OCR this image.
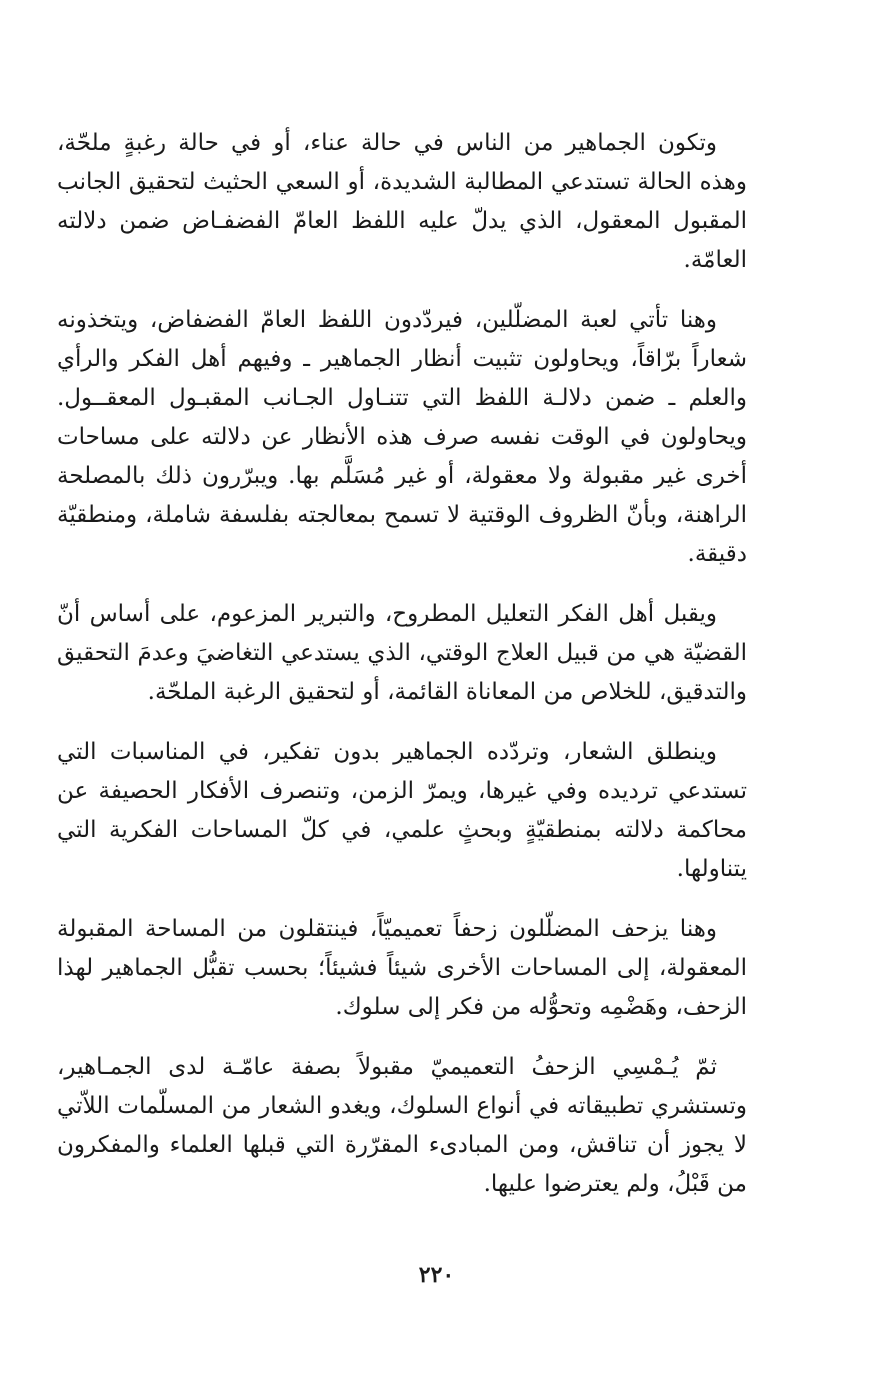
وتكون الجماهير من الناس في حالة عناء، أو في حالة رغبةٍ ملحّة، وهذه الحالة تستدعي المطالبة الشديدة، أو السعي الحثيث لتحقيق الجانب المقبول المعقول، الذي يدلّ عليه اللفظ العامّ الفضفـاض ضمن دلالته العامّة.

وهنا تأتي لعبة المضلّلين، فيردّدون اللفظ العامّ الفضفاض، ويتخذونه شعاراً برّاقاً، ويحاولون تثبيت أنظار الجماهير ـ وفيهم أهل الفكر والرأي والعلم ـ ضمن دلالـة اللفظ التي تتنـاول الجـانب المقبـول المعقــول. ويحاولون في الوقت نفسه صرف هذه الأنظار عن دلالته على مساحات أخرى غير مقبولة ولا معقولة، أو غير مُسَلَّم بها. ويبرّرون ذلك بالمصلحة الراهنة، وبأنّ الظروف الوقتية لا تسمح بمعالجته بفلسفة شاملة، ومنطقيّة دقيقة.

ويقبل أهل الفكر التعليل المطروح، والتبرير المزعوم، على أساس أنّ القضيّة هي من قبيل العلاج الوقتي، الذي يستدعي التغاضيَ وعدمَ التحقيق والتدقيق، للخلاص من المعاناة القائمة، أو لتحقيق الرغبة الملحّة.

وينطلق الشعار، وتردّده الجماهير بدون تفكير، في المناسبات التي تستدعي ترديده وفي غيرها، ويمرّ الزمن، وتنصرف الأفكار الحصيفة عن محاكمة دلالته بمنطقيّةٍ وبحثٍ علمي، في كلّ المساحات الفكرية التي يتناولها.

وهنا يزحف المضلّلون زحفاً تعميميّاً، فينتقلون من المساحة المقبولة المعقولة، إلى المساحات الأخرى شيئاً فشيئاً؛ بحسب تقبُّل الجماهير لهذا الزحف، وهَضْمِه وتحوُّله من فكر إلى سلوك.

ثمّ يُـمْسِي الزحفُ التعميميّ مقبولاً بصفة عامّـة لدى الجمـاهير، وتستشري تطبيقاته في أنواع السلوك، ويغدو الشعار من المسلّمات اللاّتي لا يجوز أن تناقش، ومن المبادىء المقرّرة التي قبلها العلماء والمفكرون من قَبْلُ، ولم يعترضوا عليها.

٢٢٠
